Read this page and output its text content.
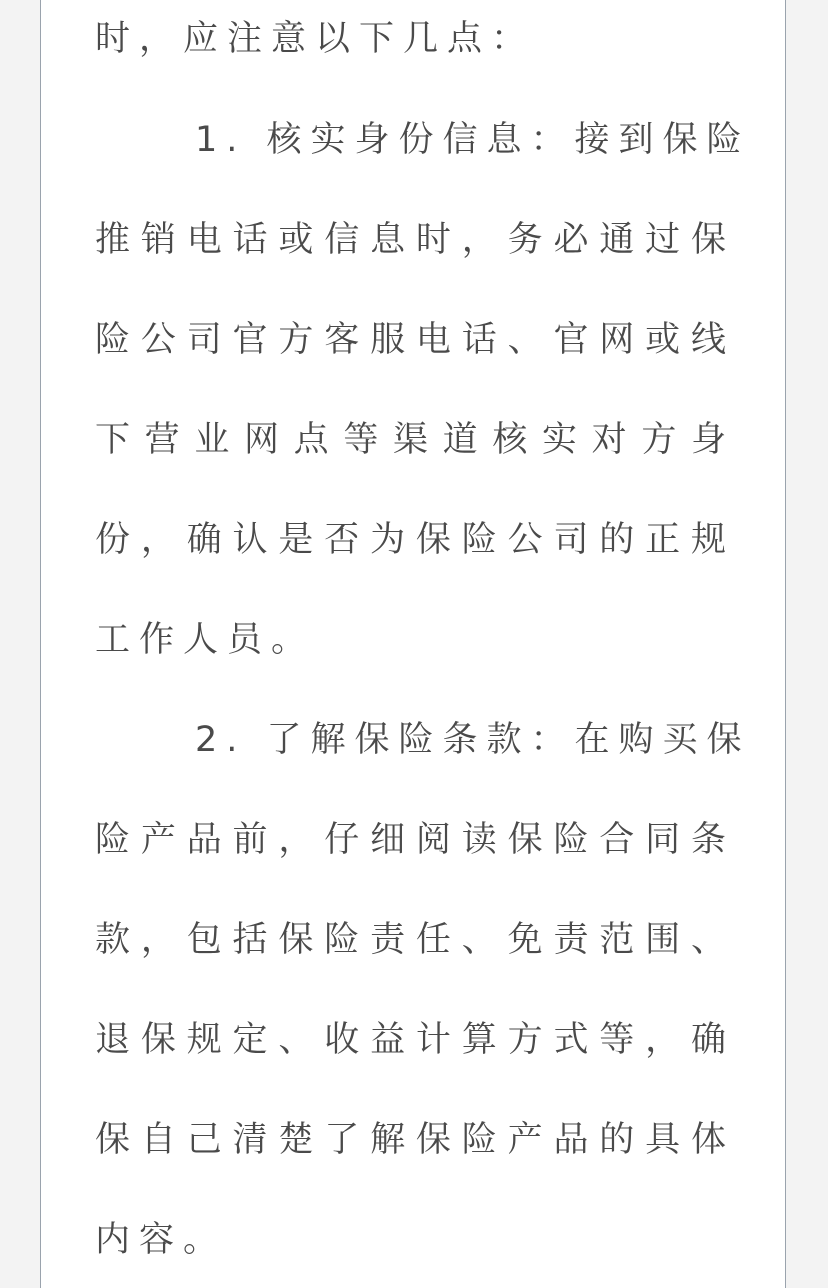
时，应注意以下几点：
1. 核实身份信息：接到保险
推销电话或信息时，务必通过保
险公司官方客服电话、官网或线
下营业网点等渠道核实对方身
份，确认是否为保险公司的正规
工作人员。
2. 了解保险条款：在购买保
险产品前，仔细阅读保险合同条
款，包括保险责任、免责范围、
退保规定、收益计算方式等，确
保自己清楚了解保险产品的具体
内容。
